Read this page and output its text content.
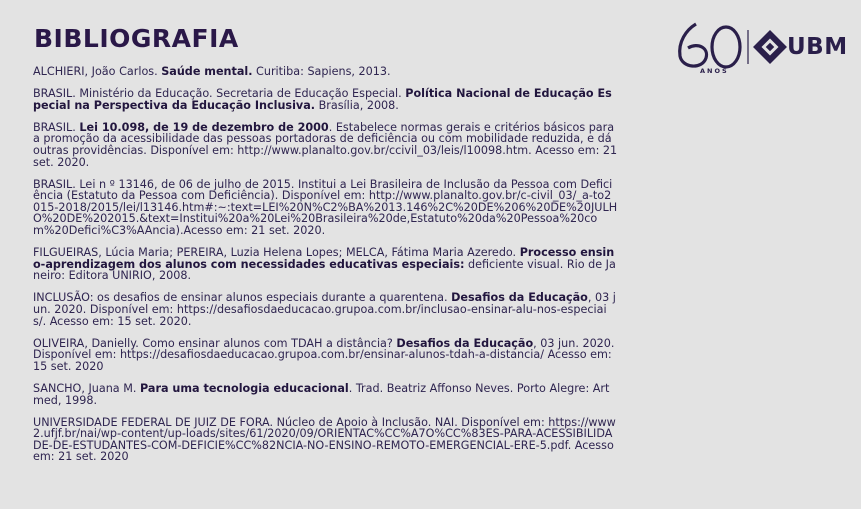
BIBLIOGRAFIA
ANOS
UBM

ALCHIERI, João Carlos. Saúde mental. Curitiba: Sapiens, 2013.

BRASIL. Ministério da Educação. Secretaria de Educação Especial. Política Nacional de Educação Especial na Perspectiva da Educação Inclusiva. Brasília, 2008.

BRASIL. Lei 10.098, de 19 de dezembro de 2000. Estabelece normas gerais e critérios básicos para a promoção da acessibilidade das pessoas portadoras de deficiência ou com mobilidade reduzida, e dá outras providências. Disponível em: http://www.planalto.gov.br/ccivil_03/leis/l10098.htm. Acesso em: 21 set. 2020.

BRASIL. Lei n º 13146, de 06 de julho de 2015. Institui a Lei Brasileira de Inclusão da Pessoa com Deficiência (Estatuto da Pessoa com Deficiência). Disponível em: http://www.planalto.gov.br/c-civil_03/_a-to2015-2018/2015/lei/l13146.htm#:~:text=LEI%20N%C2%BA%2013.146%2C%20DE%206%20DE%20JULHO%20DE%202015.&text=Institui%20a%20Lei%20Brasileira%20de,Estatuto%20da%20Pessoa%20com%20Defici%C3%AAncia).Acesso em: 21 set. 2020.

FILGUEIRAS, Lúcia Maria; PEREIRA, Luzia Helena Lopes; MELCA, Fátima Maria Azeredo. Processo ensino-aprendizagem dos alunos com necessidades educativas especiais: deficiente visual. Rio de Janeiro: Editora UNIRIO, 2008.

INCLUSÃO: os desafios de ensinar alunos especiais durante a quarentena. Desafios da Educação, 03 jun. 2020. Disponível em: https://desafiosdaeducacao.grupoa.com.br/inclusao-ensinar-alu-nos-especiais/. Acesso em: 15 set. 2020.

OLIVEIRA, Danielly. Como ensinar alunos com TDAH a distância? Desafios da Educação, 03 jun. 2020. Disponível em: https://desafiosdaeducacao.grupoa.com.br/ensinar-alunos-tdah-a-distancia/ Acesso em: 15 set. 2020

SANCHO, Juana M. Para uma tecnologia educacional. Trad. Beatriz Affonso Neves. Porto Alegre: Artmed, 1998.

UNIVERSIDADE FEDERAL DE JUIZ DE FORA. Núcleo de Apoio à Inclusão. NAI. Disponível em: https://www2.ufjf.br/nai/wp-content/up-loads/sites/61/2020/09/ORIENTAC%CC%A7O%CC%83ES-PARA-ACESSIBILIDADE-DE-ESTUDANTES-COM-DEFICIE%CC%82NCIA-NO-ENSINO-REMOTO-EMERGENCIAL-ERE-5.pdf. Acesso em: 21 set. 2020
